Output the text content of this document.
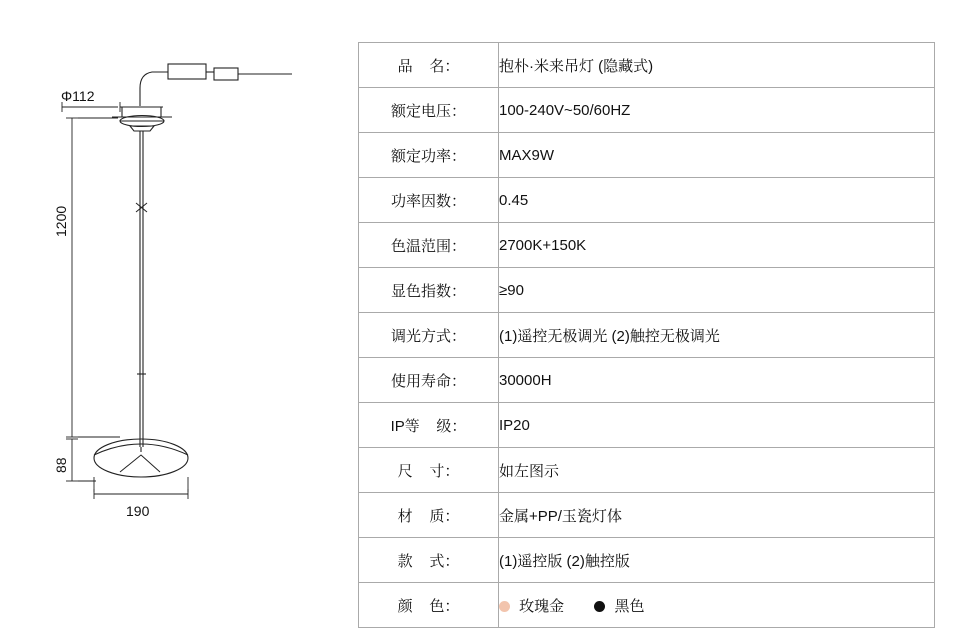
Φ112
1200
88
190
品    名：	抱朴·米来吊灯 (隐藏式)
额定电压：	100-240V~50/60HZ
额定功率：	MAX9W
功率因数：	0.45
色温范围：	2700K+150K
显色指数：	≥90
调光方式：	(1)遥控无极调光 (2)触控无极调光
使用寿命：	30000H
IP等    级：	IP20
尺    寸：	如左图示
材    质：	金属+PP/玉瓷灯体
款    式：	(1)遥控版 (2)触控版
颜    色：	玫瑰金 黑色
